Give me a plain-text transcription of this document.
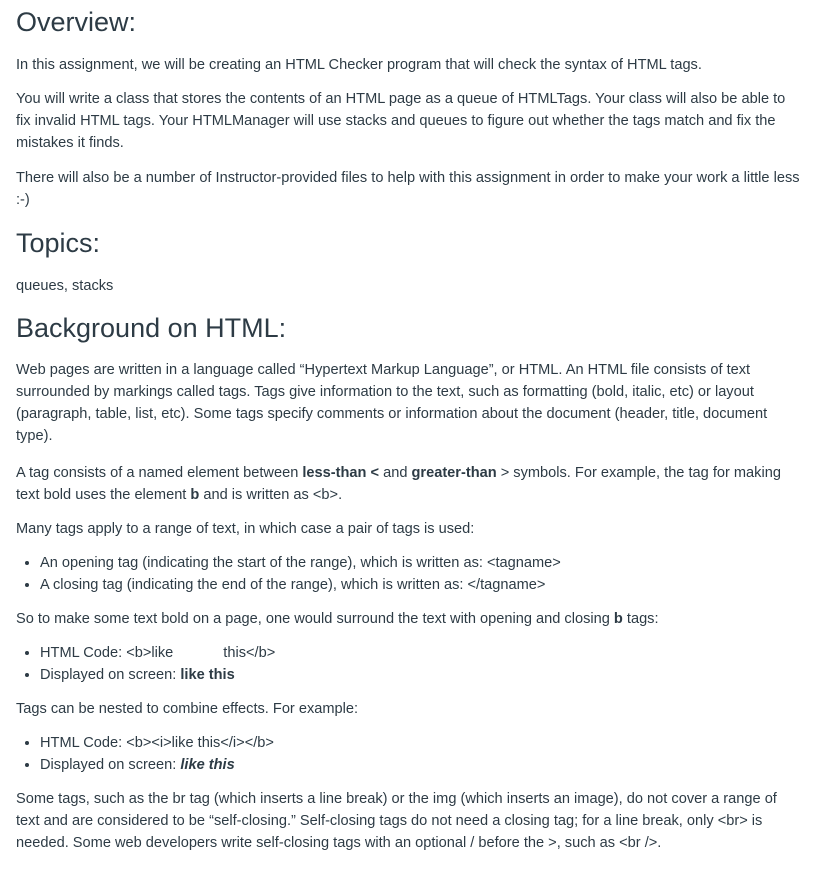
Overview:

In this assignment, we will be creating an HTML Checker program that will check the syntax of HTML tags.

You will write a class that stores the contents of an HTML page as a queue of HTMLTags. Your class will also be able to fix invalid HTML tags. Your HTMLManager will use stacks and queues to figure out whether the tags match and fix the mistakes it finds.

There will also be a number of Instructor-provided files to help with this assignment in order to make your work a little less :-)

Topics:

queues, stacks

Background on HTML:

Web pages are written in a language called “Hypertext Markup Language”, or HTML. An HTML file consists of text surrounded by markings called tags. Tags give information to the text, such as formatting (bold, italic, etc) or layout (paragraph, table, list, etc). Some tags specify comments or information about the document (header, title, document type).

A tag consists of a named element between less-than < and greater-than > symbols. For example, the tag for making text bold uses the element b and is written as <b>.

Many tags apply to a range of text, in which case a pair of tags is used:

• An opening tag (indicating the start of the range), which is written as: <tagname>
• A closing tag (indicating the end of the range), which is written as: </tagname>

So to make some text bold on a page, one would surround the text with opening and closing b tags:

• HTML Code: <b>like	this</b>
• Displayed on screen: like this

Tags can be nested to combine effects. For example:

• HTML Code: <b><i>like this</i></b>
• Displayed on screen: like this

Some tags, such as the br tag (which inserts a line break) or the img (which inserts an image), do not cover a range of text and are considered to be “self-closing.” Self-closing tags do not need a closing tag; for a line break, only <br> is needed. Some web developers write self-closing tags with an optional / before the >, such as <br />.
